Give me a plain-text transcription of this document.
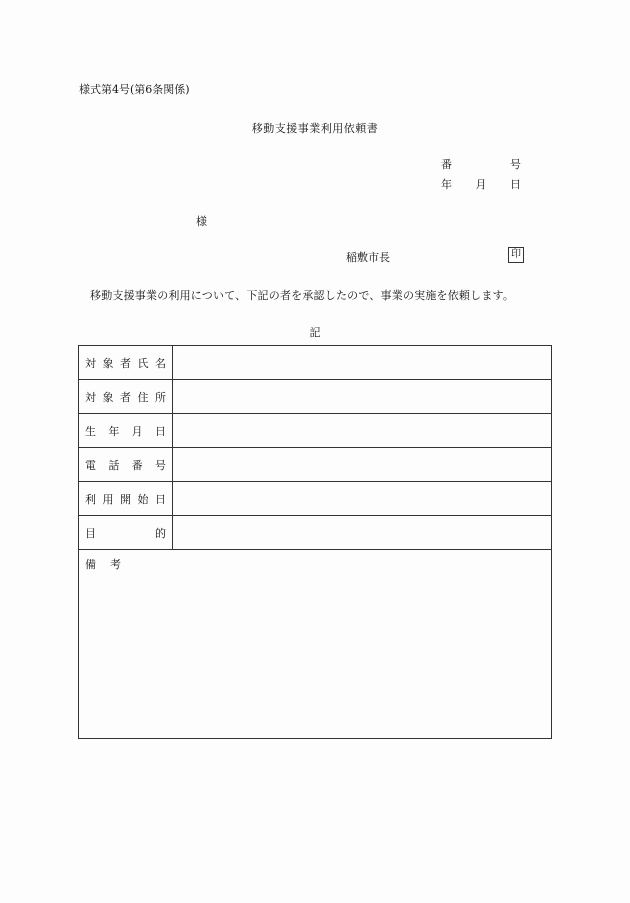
様式第4号(第6条関係)
移動支援事業利用依頼書
番	号
年 月 日
様
稲敷市長	印
移動支援事業の利用について、下記の者を承認したので、事業の実施を依頼します。
記
対 象 者 氏 名
対 象 者 住 所
生 年 月 日
電 話 番 号
利 用 開 始 日
目	的
備 考
